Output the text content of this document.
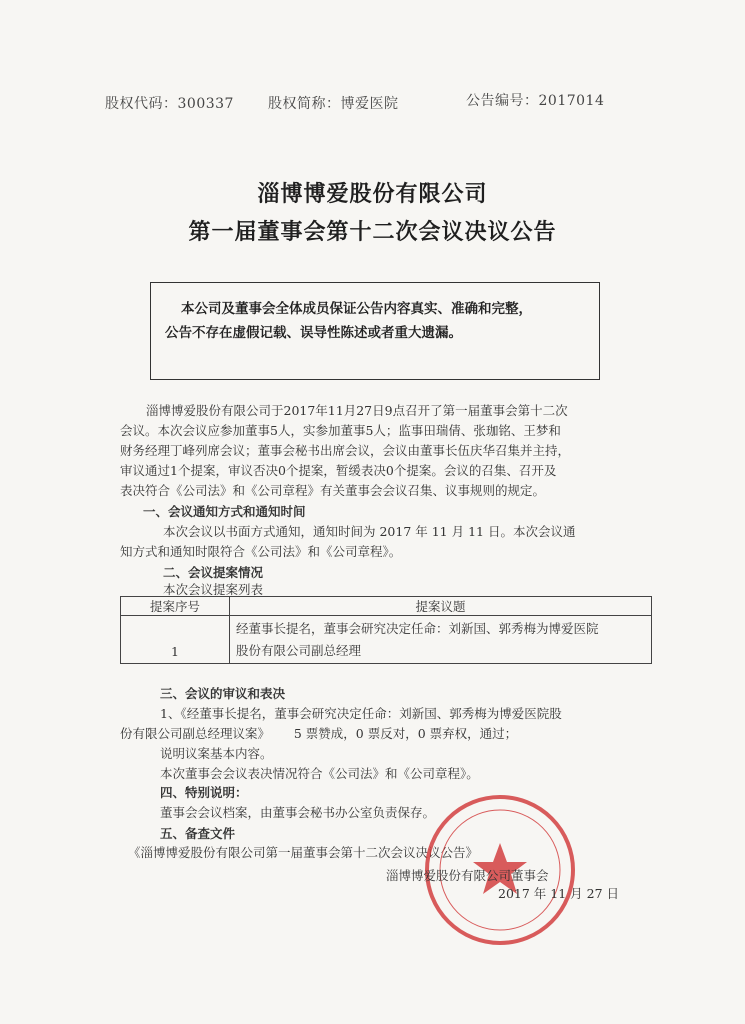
股权代码：300337 股权简称：博爱医院	公告编号：2017014
淄博博爱股份有限公司
第一届董事会第十二次会议决议公告
本公司及董事会全体成员保证公告内容真实、准确和完整，
公告不存在虚假记载、误导性陈述或者重大遗漏。
淄博博爱股份有限公司于2017年11月27日9点召开了第一届董事会第十二次
会议。本次会议应参加董事5人，实参加董事5人；监事田瑞倩、张珈铭、王梦和
财务经理丁峰列席会议；董事会秘书出席会议，会议由董事长伍庆华召集并主持，
审议通过1个提案，审议否决0个提案，暂缓表决0个提案。会议的召集、召开及
表决符合《公司法》和《公司章程》有关董事会会议召集、议事规则的规定。
一、会议通知方式和通知时间
本次会议以书面方式通知，通知时间为 2017 年 11 月 11 日。本次会议通
知方式和通知时限符合《公司法》和《公司章程》。
二、会议提案情况
本次会议提案列表
提案序号	提案议题
1	经董事长提名，董事会研究决定任命：刘新国、郭秀梅为博爱医院
股份有限公司副总经理
三、会议的审议和表决
1、《经董事长提名，董事会研究决定任命：刘新国、郭秀梅为博爱医院股
份有限公司副总经理议案》      5 票赞成，0 票反对，0 票弃权，通过；
说明议案基本内容。
本次董事会会议表决情况符合《公司法》和《公司章程》。
四、特别说明：
董事会会议档案，由董事会秘书办公室负责保存。
五、备查文件
《淄博博爱股份有限公司第一届董事会第十二次会议决议公告》
淄博博爱股份有限公司董事会
2017 年 11 月 27 日
